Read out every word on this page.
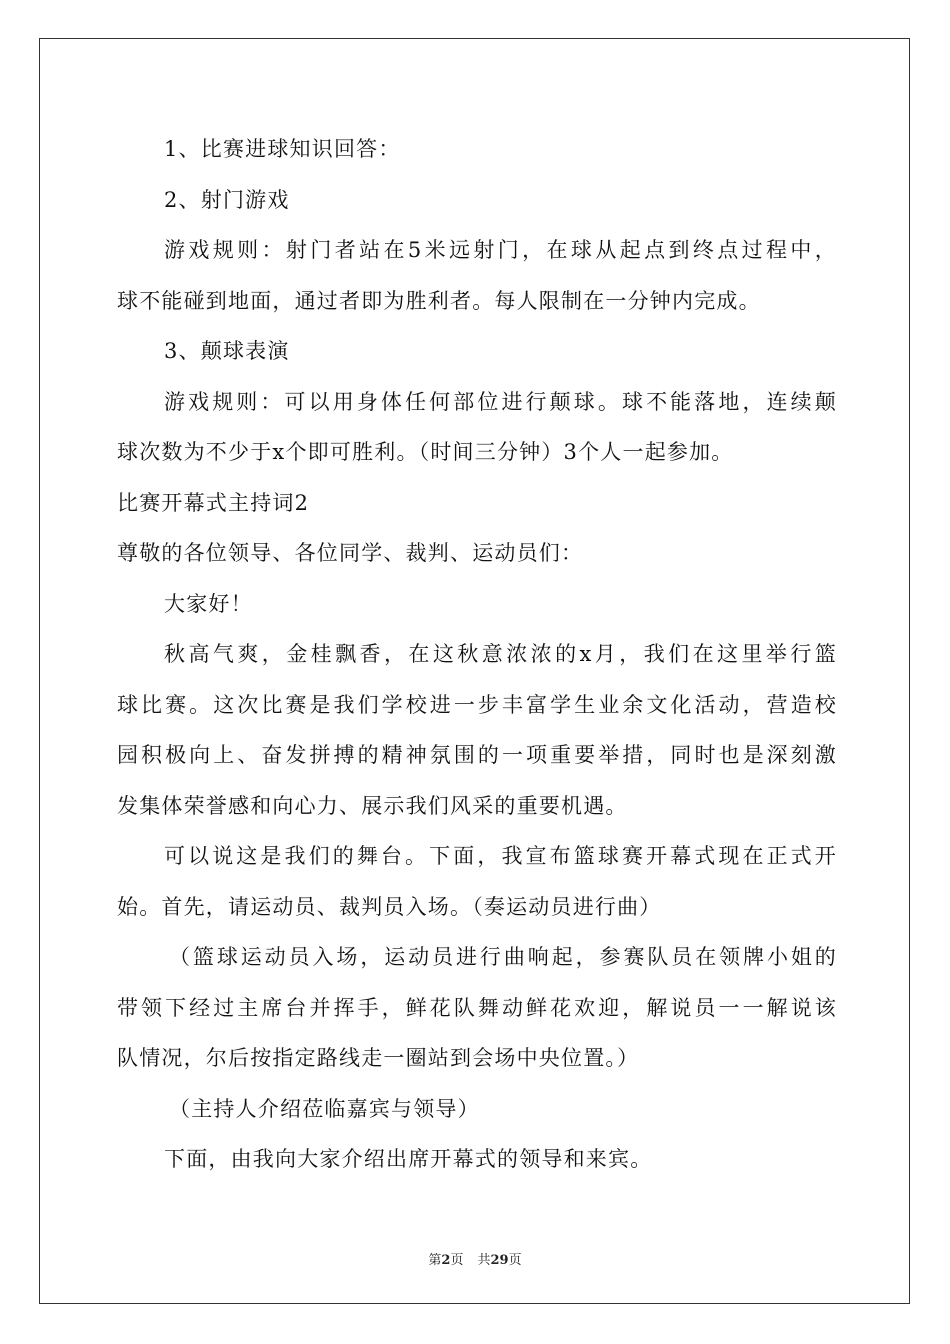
1、比赛进球知识回答：
2、射门游戏
游戏规则：射门者站在5米远射门，在球从起点到终点过程中，
球不能碰到地面，通过者即为胜利者。每人限制在一分钟内完成。
3、颠球表演
游戏规则：可以用身体任何部位进行颠球。球不能落地，连续颠
球次数为不少于x个即可胜利。（时间三分钟）3个人一起参加。
比赛开幕式主持词2
尊敬的各位领导、各位同学、裁判、运动员们：
大家好！
秋高气爽，金桂飘香，在这秋意浓浓的x月，我们在这里举行篮
球比赛。这次比赛是我们学校进一步丰富学生业余文化活动，营造校
园积极向上、奋发拼搏的精神氛围的一项重要举措，同时也是深刻激
发集体荣誉感和向心力、展示我们风采的重要机遇。
可以说这是我们的舞台。下面，我宣布篮球赛开幕式现在正式开
始。首先，请运动员、裁判员入场。（奏运动员进行曲）
（篮球运动员入场，运动员进行曲响起，参赛队员在领牌小姐的
带领下经过主席台并挥手，鲜花队舞动鲜花欢迎，解说员一一解说该
队情况，尔后按指定路线走一圈站到会场中央位置。）
（主持人介绍莅临嘉宾与领导）
下面，由我向大家介绍出席开幕式的领导和来宾。
第2页 共29页
